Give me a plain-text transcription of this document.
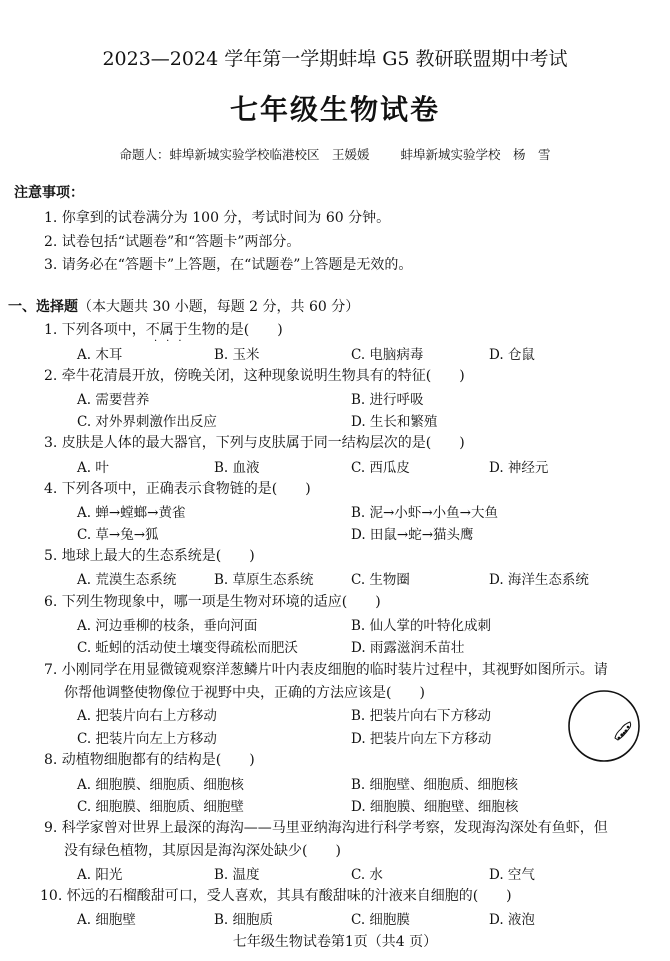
2023—2024 学年第一学期蚌埠 G5 教研联盟期中考试
七年级生物试卷
命题人：蚌埠新城实验学校临港校区　王媛媛　　 蚌埠新城实验学校　杨　雪
注意事项：
1. 你拿到的试卷满分为 100 分，考试时间为 60 分钟。
2. 试卷包括“试题卷”和“答题卡”两部分。
3. 请务必在“答题卡”上答题，在“试题卷”上答题是无效的。
一、选择题（本大题共 30 小题，每题 2 分，共 60 分）
1. 下列各项中，不属于生物的是(　　)
···
A. 木耳	B. 玉米	C. 电脑病毒	D. 仓鼠
2. 牵牛花清晨开放，傍晚关闭，这种现象说明生物具有的特征(　　)
A. 需要营养	B. 进行呼吸
C. 对外界刺激作出反应	D. 生长和繁殖
3. 皮肤是人体的最大器官，下列与皮肤属于同一结构层次的是(　　)
A. 叶	B. 血液	C. 西瓜皮	D. 神经元
4. 下列各项中，正确表示食物链的是(　　)
A. 蝉→螳螂→黄雀	B. 泥→小虾→小鱼→大鱼
C. 草→兔→狐	D. 田鼠→蛇→猫头鹰
5. 地球上最大的生态系统是(　　)
A. 荒漠生态系统	B. 草原生态系统	C. 生物圈	D. 海洋生态系统
6. 下列生物现象中，哪一项是生物对环境的适应(　　)
A. 河边垂柳的枝条，垂向河面	B. 仙人掌的叶特化成刺
C. 蚯蚓的活动使土壤变得疏松而肥沃	D. 雨露滋润禾苗壮
7. 小刚同学在用显微镜观察洋葱鳞片叶内表皮细胞的临时装片过程中，其视野如图所示。请
你帮他调整使物像位于视野中央，正确的方法应该是(　　)
A. 把装片向右上方移动	B. 把装片向右下方移动
C. 把装片向左上方移动	D. 把装片向左下方移动
8. 动植物细胞都有的结构是(　　)
A. 细胞膜、细胞质、细胞核	B. 细胞壁、细胞质、细胞核
C. 细胞膜、细胞质、细胞壁	D. 细胞膜、细胞壁、细胞核
9. 科学家曾对世界上最深的海沟——马里亚纳海沟进行科学考察，发现海沟深处有鱼虾，但
没有绿色植物，其原因是海沟深处缺少(　　)
A. 阳光	B. 温度	C. 水	D. 空气
10. 怀远的石榴酸甜可口，受人喜欢，其具有酸甜味的汁液来自细胞的(　　)
A. 细胞壁	B. 细胞质	C. 细胞膜	D. 液泡
七年级生物试卷第1页（共4 页）
